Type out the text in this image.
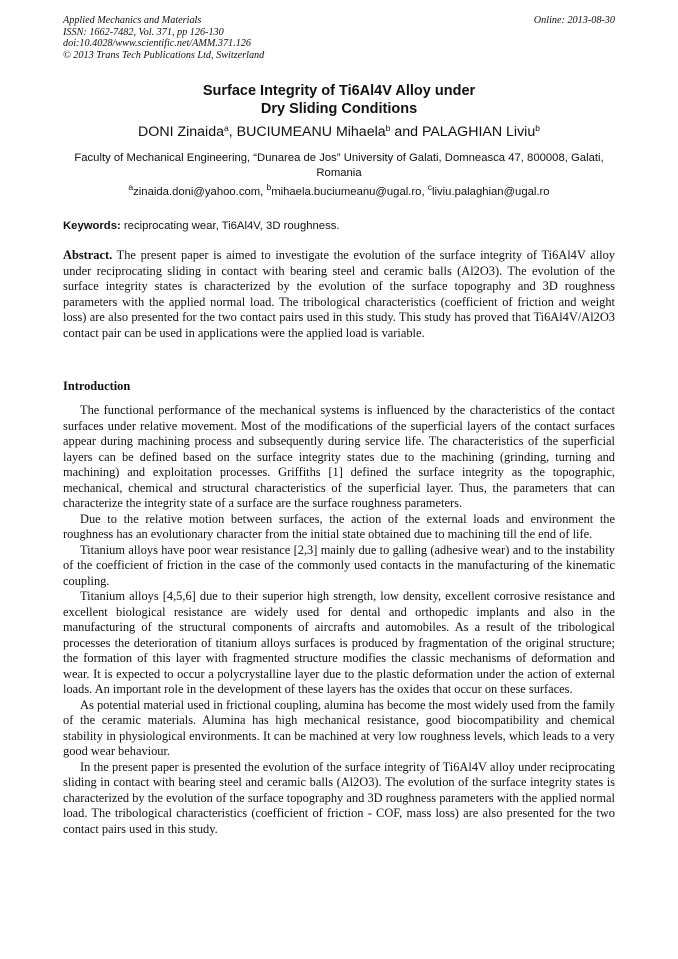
Applied Mechanics and Materials
ISSN: 1662-7482, Vol. 371, pp 126-130
doi:10.4028/www.scientific.net/AMM.371.126
© 2013 Trans Tech Publications Ltd, Switzerland
Online: 2013-08-30
Surface Integrity of Ti6Al4V Alloy under
Dry Sliding Conditions
DONI Zinaida$^a$, BUCIUMEANU Mihaela$^b$ and PALAGHIAN Liviu$^b$
Faculty of Mechanical Engineering, “Dunarea de Jos” University of Galati, Domneasca 47, 800008, Galati, Romania
$^a$zinaida.doni@yahoo.com, $^b$mihaela.buciumeanu@ugal.ro, $^c$liviu.palaghian@ugal.ro
Keywords: reciprocating wear, Ti6Al4V, 3D roughness.

Abstract. The present paper is aimed to investigate the evolution of the surface integrity of Ti6Al4V alloy under reciprocating sliding in contact with bearing steel and ceramic balls (Al2O3). The evolution of the surface integrity states is characterized by the evolution of the surface topography and 3D roughness parameters with the applied normal load. The tribological characteristics (coefficient of friction and weight loss) are also presented for the two contact pairs used in this study. This study has proved that Ti6Al4V/Al2O3 contact pair can be used in applications were the applied load is variable.

Introduction

The functional performance of the mechanical systems is influenced by the characteristics of the contact surfaces under relative movement. Most of the modifications of the superficial layers of the contact surfaces appear during machining process and subsequently during service life. The characteristics of the superficial layers can be defined based on the surface integrity states due to the machining (grinding, turning and machining) and exploitation processes. Griffiths [1] defined the surface integrity as the topographic, mechanical, chemical and structural characteristics of the superficial layer. Thus, the parameters that can characterize the integrity state of a surface are the surface roughness parameters.

Due to the relative motion between surfaces, the action of the external loads and environment the roughness has an evolutionary character from the initial state obtained due to machining till the end of life.

Titanium alloys have poor wear resistance [2,3] mainly due to galling (adhesive wear) and to the instability of the coefficient of friction in the case of the commonly used contacts in the manufacturing of the kinematic coupling.

Titanium alloys [4,5,6] due to their superior high strength, low density, excellent corrosive resistance and excellent biological resistance are widely used for dental and orthopedic implants and also in the manufacturing of the structural components of aircrafts and automobiles. As a result of the tribological processes the deterioration of titanium alloys surfaces is produced by fragmentation of the original structure; the formation of this layer with fragmented structure modifies the classic mechanisms of deformation and wear. It is expected to occur a polycrystalline layer due to the plastic deformation under the action of external loads. An important role in the development of these layers has the oxides that occur on these surfaces.

As potential material used in frictional coupling, alumina has become the most widely used from the family of the ceramic materials. Alumina has high mechanical resistance, good biocompatibility and chemical stability in physiological environments. It can be machined at very low roughness levels, which leads to a very good wear behaviour.

In the present paper is presented the evolution of the surface integrity of Ti6Al4V alloy under reciprocating sliding in contact with bearing steel and ceramic balls (Al2O3). The evolution of the surface integrity states is characterized by the evolution of the surface topography and 3D roughness parameters with the applied normal load. The tribological characteristics (coefficient of friction - COF, mass loss) are also presented for the two contact pairs used in this study.
